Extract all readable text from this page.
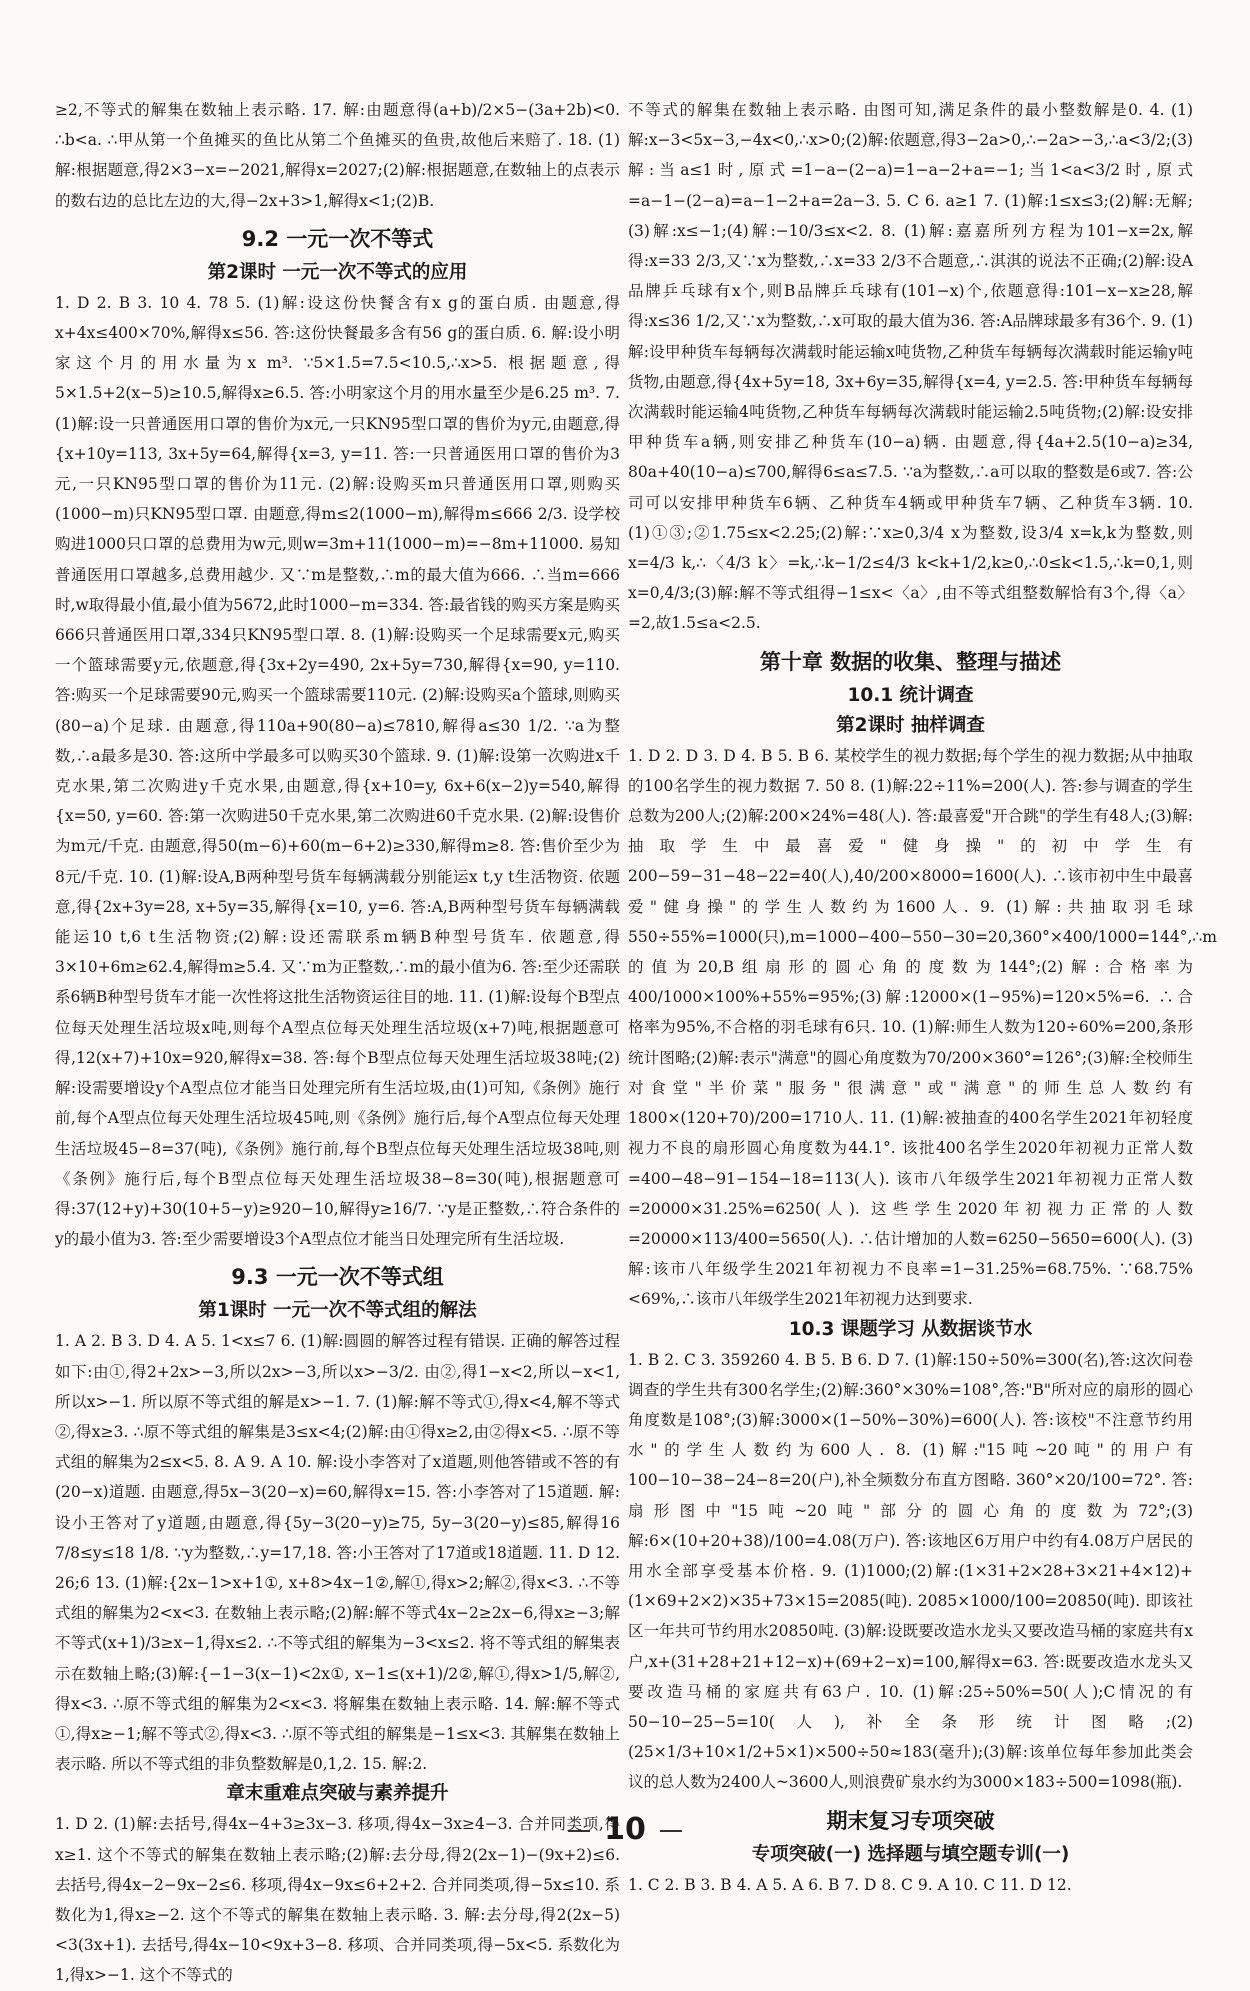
≥2,不等式的解集在数轴上表示略. 17. 解:由题意得(a+b)/2×5−(3a+2b)<0. ∴b<a. ∴甲从第一个鱼摊买的鱼比从第二个鱼摊买的鱼贵,故他后来赔了. 18. (1)解:根据题意,得2×3−x=−2021,解得x=2027;(2)解:根据题意,在数轴上的点表示的数右边的总比左边的大,得−2x+3>1,解得x<1;(2)B.

9.2 一元一次不等式

第2课时 一元一次不等式的应用

1. D 2. B 3. 10 4. 78 5. (1)解:设这份快餐含有x g的蛋白质. 由题意,得x+4x≤400×70%,解得x≤56. 答:这份快餐最多含有56 g的蛋白质. 6. 解:设小明家这个月的用水量为x m³. ∵5×1.5=7.5<10.5,∴x>5. 根据题意,得5×1.5+2(x−5)≥10.5,解得x≥6.5. 答:小明家这个月的用水量至少是6.25 m³. 7. (1)解:设一只普通医用口罩的售价为x元,一只KN95型口罩的售价为y元,由题意,得{x+10y=113, 3x+5y=64,解得{x=3, y=11. 答:一只普通医用口罩的售价为3元,一只KN95型口罩的售价为11元. (2)解:设购买m只普通医用口罩,则购买(1000−m)只KN95型口罩. 由题意,得m≤2(1000−m),解得m≤666 2/3. 设学校购进1000只口罩的总费用为w元,则w=3m+11(1000−m)=−8m+11000. 易知普通医用口罩越多,总费用越少. 又∵m是整数,∴m的最大值为666. ∴当m=666时,w取得最小值,最小值为5672,此时1000−m=334. 答:最省钱的购买方案是购买666只普通医用口罩,334只KN95型口罩. 8. (1)解:设购买一个足球需要x元,购买一个篮球需要y元,依题意,得{3x+2y=490, 2x+5y=730,解得{x=90, y=110. 答:购买一个足球需要90元,购买一个篮球需要110元. (2)解:设购买a个篮球,则购买(80−a)个足球. 由题意,得110a+90(80−a)≤7810,解得a≤30 1/2. ∵a为整数,∴a最多是30. 答:这所中学最多可以购买30个篮球. 9. (1)解:设第一次购进x千克水果,第二次购进y千克水果,由题意,得{x+10=y, 6x+6(x−2)y=540,解得{x=50, y=60. 答:第一次购进50千克水果,第二次购进60千克水果. (2)解:设售价为m元/千克. 由题意,得50(m−6)+60(m−6+2)≥330,解得m≥8. 答:售价至少为8元/千克. 10. (1)解:设A,B两种型号货车每辆满载分别能运x t,y t生活物资. 依题意,得{2x+3y=28, x+5y=35,解得{x=10, y=6. 答:A,B两种型号货车每辆满载能运10 t,6 t生活物资;(2)解:设还需联系m辆B种型号货车. 依题意,得3×10+6m≥62.4,解得m≥5.4. 又∵m为正整数,∴m的最小值为6. 答:至少还需联系6辆B种型号货车才能一次性将这批生活物资运往目的地. 11. (1)解:设每个B型点位每天处理生活垃圾x吨,则每个A型点位每天处理生活垃圾(x+7)吨,根据题意可得,12(x+7)+10x=920,解得x=38. 答:每个B型点位每天处理生活垃圾38吨;(2)解:设需要增设y个A型点位才能当日处理完所有生活垃圾,由(1)可知,《条例》施行前,每个A型点位每天处理生活垃圾45吨,则《条例》施行后,每个A型点位每天处理生活垃圾45−8=37(吨),《条例》施行前,每个B型点位每天处理生活垃圾38吨,则《条例》施行后,每个B型点位每天处理生活垃圾38−8=30(吨),根据题意可得:37(12+y)+30(10+5−y)≥920−10,解得y≥16/7. ∵y是正整数,∴符合条件的y的最小值为3. 答:至少需要增设3个A型点位才能当日处理完所有生活垃圾.

9.3 一元一次不等式组

第1课时 一元一次不等式组的解法

1. A 2. B 3. D 4. A 5. 1<x≤7 6. (1)解:圆圆的解答过程有错误. 正确的解答过程如下:由①,得2+2x>−3,所以2x>−3,所以x>−3/2. 由②,得1−x<2,所以−x<1,所以x>−1. 所以原不等式组的解是x>−1. 7. (1)解:解不等式①,得x<4,解不等式②,得x≥3. ∴原不等式组的解集是3≤x<4;(2)解:由①得x≥2,由②得x<5. ∴原不等式组的解集为2≤x<5. 8. A 9. A 10. 解:设小李答对了x道题,则他答错或不答的有(20−x)道题. 由题意,得5x−3(20−x)=60,解得x=15. 答:小李答对了15道题. 解:设小王答对了y道题,由题意,得{5y−3(20−y)≥75, 5y−3(20−y)≤85,解得16 7/8≤y≤18 1/8. ∵y为整数,∴y=17,18. 答:小王答对了17道或18道题. 11. D 12. 26;6 13. (1)解:{2x−1>x+1①, x+8>4x−1②,解①,得x>2;解②,得x<3. ∴不等式组的解集为2<x<3. 在数轴上表示略;(2)解:解不等式4x−2≥2x−6,得x≥−3;解不等式(x+1)/3≥x−1,得x≤2. ∴不等式组的解集为−3<x≤2. 将不等式组的解集表示在数轴上略;(3)解:{−1−3(x−1)<2x①, x−1≤(x+1)/2②,解①,得x>1/5,解②,得x<3. ∴原不等式组的解集为2<x<3. 将解集在数轴上表示略. 14. 解:解不等式①,得x≥−1;解不等式②,得x<3. ∴原不等式组的解集是−1≤x<3. 其解集在数轴上表示略. 所以不等式组的非负整数解是0,1,2. 15. 解:2.

章末重难点突破与素养提升

1. D 2. (1)解:去括号,得4x−4+3≥3x−3. 移项,得4x−3x≥4−3. 合并同类项,得x≥1. 这个不等式的解集在数轴上表示略;(2)解:去分母,得2(2x−1)−(9x+2)≤6. 去括号,得4x−2−9x−2≤6. 移项,得4x−9x≤6+2+2. 合并同类项,得−5x≤10. 系数化为1,得x≥−2. 这个不等式的解集在数轴上表示略. 3. 解:去分母,得2(2x−5)<3(3x+1). 去括号,得4x−10<9x+3−8. 移项、合并同类项,得−5x<5. 系数化为1,得x>−1. 这个不等式的

不等式的解集在数轴上表示略. 由图可知,满足条件的最小整数解是0. 4. (1)解:x−3<5x−3,−4x<0,∴x>0;(2)解:依题意,得3−2a>0,∴−2a>−3,∴a<3/2;(3)解:当a≤1时,原式=1−a−(2−a)=1−a−2+a=−1;当1<a<3/2时,原式=a−1−(2−a)=a−1−2+a=2a−3. 5. C 6. a≥1 7. (1)解:1≤x≤3;(2)解:无解;(3)解:x≤−1;(4)解:−10/3≤x<2. 8. (1)解:嘉嘉所列方程为101−x=2x,解得:x=33 2/3,又∵x为整数,∴x=33 2/3不合题意,∴淇淇的说法不正确;(2)解:设A品牌乒乓球有x个,则B品牌乒乓球有(101−x)个,依题意得:101−x−x≥28,解得:x≤36 1/2,又∵x为整数,∴x可取的最大值为36. 答:A品牌球最多有36个. 9. (1)解:设甲种货车每辆每次满载时能运输x吨货物,乙种货车每辆每次满载时能运输y吨货物,由题意,得{4x+5y=18, 3x+6y=35,解得{x=4, y=2.5. 答:甲种货车每辆每次满载时能运输4吨货物,乙种货车每辆每次满载时能运输2.5吨货物;(2)解:设安排甲种货车a辆,则安排乙种货车(10−a)辆. 由题意,得{4a+2.5(10−a)≥34, 80a+40(10−a)≤700,解得6≤a≤7.5. ∵a为整数,∴a可以取的整数是6或7. 答:公司可以安排甲种货车6辆、乙种货车4辆或甲种货车7辆、乙种货车3辆. 10. (1)①③;②1.75≤x<2.25;(2)解:∵x≥0,3/4 x为整数,设3/4 x=k,k为整数,则x=4/3 k,∴〈4/3 k〉=k,∴k−1/2≤4/3 k<k+1/2,k≥0,∴0≤k<1.5,∴k=0,1,则x=0,4/3;(3)解:解不等式组得−1≤x<〈a〉,由不等式组整数解恰有3个,得〈a〉=2,故1.5≤a<2.5.

第十章 数据的收集、整理与描述

10.1 统计调查

第2课时 抽样调查

1. D 2. D 3. D 4. B 5. B 6. 某校学生的视力数据;每个学生的视力数据;从中抽取的100名学生的视力数据 7. 50 8. (1)解:22÷11%=200(人). 答:参与调查的学生总数为200人;(2)解:200×24%=48(人). 答:最喜爱"开合跳"的学生有48人;(3)解:抽取学生中最喜爱"健身操"的初中学生有200−59−31−48−22=40(人),40/200×8000=1600(人). ∴该市初中生中最喜爱"健身操"的学生人数约为1600人. 9. (1)解:共抽取羽毛球550÷55%=1000(只),m=1000−400−550−30=20,360°×400/1000=144°,∴m的值为20,B组扇形的圆心角的度数为144°;(2)解:合格率为400/1000×100%+55%=95%;(3)解:12000×(1−95%)=120×5%=6. ∴合格率为95%,不合格的羽毛球有6只. 10. (1)解:师生人数为120÷60%=200,条形统计图略;(2)解:表示"满意"的圆心角度数为70/200×360°=126°;(3)解:全校师生对食堂"半价菜"服务"很满意"或"满意"的师生总人数约有1800×(120+70)/200=1710人. 11. (1)解:被抽查的400名学生2021年初轻度视力不良的扇形圆心角度数为44.1°. 该批400名学生2020年初视力正常人数=400−48−91−154−18=113(人). 该市八年级学生2021年初视力正常人数=20000×31.25%=6250(人). 这些学生2020年初视力正常的人数=20000×113/400=5650(人). ∴估计增加的人数=6250−5650=600(人). (3)解:该市八年级学生2021年初视力不良率=1−31.25%=68.75%. ∵68.75%<69%,∴该市八年级学生2021年初视力达到要求.

10.3 课题学习 从数据谈节水

1. B 2. C 3. 359260 4. B 5. B 6. D 7. (1)解:150÷50%=300(名),答:这次问卷调查的学生共有300名学生;(2)解:360°×30%=108°,答:"B"所对应的扇形的圆心角度数是108°;(3)解:3000×(1−50%−30%)=600(人). 答:该校"不注意节约用水"的学生人数约为600人. 8. (1)解:"15吨~20吨"的用户有100−10−38−24−8=20(户),补全频数分布直方图略. 360°×20/100=72°. 答:扇形图中"15吨~20吨"部分的圆心角的度数为72°;(3)解:6×(10+20+38)/100=4.08(万户). 答:该地区6万用户中约有4.08万户居民的用水全部享受基本价格. 9. (1)1000;(2)解:(1×31+2×28+3×21+4×12)+(1×69+2×2)×35+73×15=2085(吨). 2085×1000/100=20850(吨). 即该社区一年共可节约用水20850吨. (3)解:设既要改造水龙头又要改造马桶的家庭共有x户,x+(31+28+21+12−x)+(69+2−x)=100,解得x=63. 答:既要改造水龙头又要改造马桶的家庭共有63户. 10. (1)解:25÷50%=50(人);C情况的有50−10−25−5=10(人),补全条形统计图略;(2)(25×1/3+10×1/2+5×1)×500÷50≈183(毫升);(3)解:该单位每年参加此类会议的总人数为2400人~3600人,则浪费矿泉水约为3000×183÷500=1098(瓶).

期末复习专项突破

专项突破(一) 选择题与填空题专训(一)

1. C 2. B 3. B 4. A 5. A 6. B 7. D 8. C 9. A 10. C 11. D 12.

10
